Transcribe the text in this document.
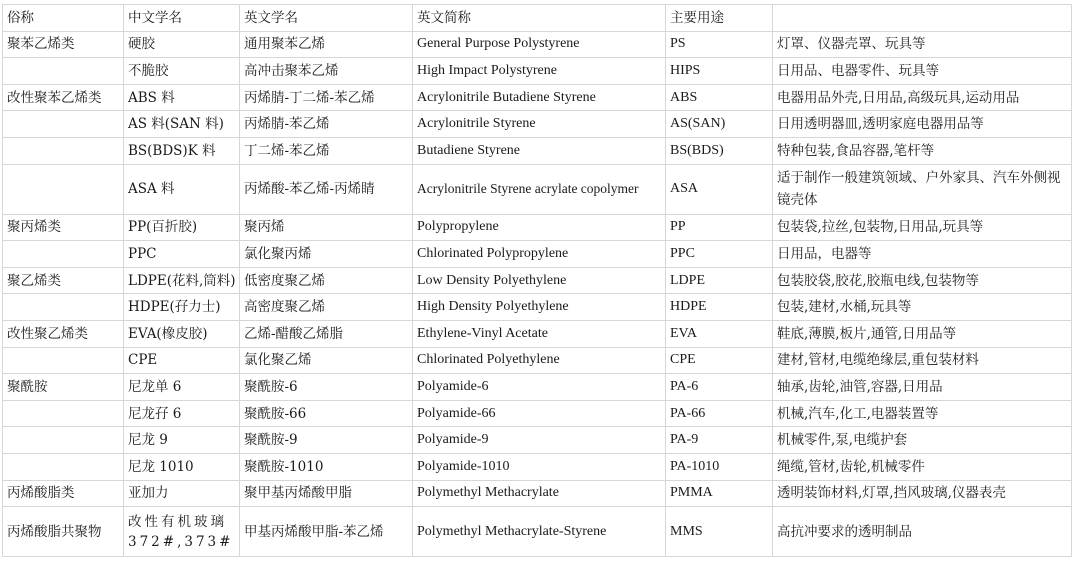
俗称	中文学名	英文学名	英文简称	主要用途	
聚苯乙烯类	硬胶	通用聚苯乙烯	General Purpose Polystyrene	PS	灯罩、仪器壳罩、玩具等
	不脆胶	高冲击聚苯乙烯	High Impact Polystyrene	HIPS	日用品、电器零件、玩具等
改性聚苯乙烯类	ABS 料	丙烯腈-丁二烯-苯乙烯	Acrylonitrile Butadiene Styrene	ABS	电器用品外壳,日用品,高级玩具,运动用品
	AS 料(SAN 料)	丙烯腈-苯乙烯	Acrylonitrile Styrene	AS(SAN)	日用透明器皿,透明家庭电器用品等
	BS(BDS)K 料	丁二烯-苯乙烯	Butadiene Styrene	BS(BDS)	特种包装,食品容器,笔杆等
	ASA 料	丙烯酸-苯乙烯-丙烯睛	Acrylonitrile Styrene acrylate copolymer	ASA	适于制作一般建筑领域、户外家具、汽车外侧视镜壳体
聚丙烯类	PP(百折胶)	聚丙烯	Polypropylene	PP	包装袋,拉丝,包装物,日用品,玩具等
	PPC	氯化聚丙烯	Chlorinated Polypropylene	PPC	日用品，电器等
聚乙烯类	LDPE(花料,筒料)	低密度聚乙烯	Low Density Polyethylene	LDPE	包装胶袋,胶花,胶瓶电线,包装物等
	HDPE(孖力士)	高密度聚乙烯	High Density Polyethylene	HDPE	包装,建材,水桶,玩具等
改性聚乙烯类	EVA(橡皮胶)	乙烯-醋酸乙烯脂	Ethylene-Vinyl Acetate	EVA	鞋底,薄膜,板片,通管,日用品等
	CPE	氯化聚乙烯	Chlorinated Polyethylene	CPE	建材,管材,电缆绝缘层,重包装材料
聚酰胺	尼龙单 6	聚酰胺-6	Polyamide-6	PA-6	轴承,齿轮,油管,容器,日用品
	尼龙孖 6	聚酰胺-66	Polyamide-66	PA-66	机械,汽车,化工,电器装置等
	尼龙 9	聚酰胺-9	Polyamide-9	PA-9	机械零件,泵,电缆护套
	尼龙 1010	聚酰胺-1010	Polyamide-1010	PA-1010	绳缆,管材,齿轮,机械零件
丙烯酸脂类	亚加力	聚甲基丙烯酸甲脂	Polymethyl Methacrylate	PMMA	透明装饰材料,灯罩,挡风玻璃,仪器表壳
丙烯酸脂共聚物	改性有机玻璃372#,373#	甲基丙烯酸甲脂-苯乙烯	Polymethyl Methacrylate-Styrene	MMS	高抗冲要求的透明制品
